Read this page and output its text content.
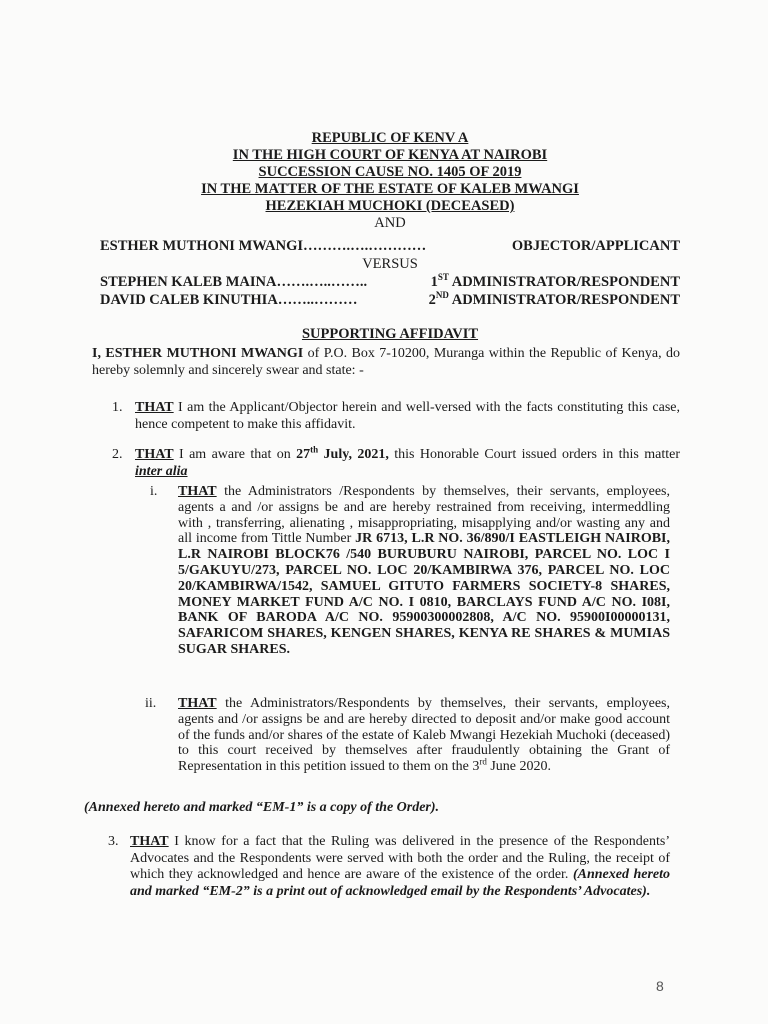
REPUBLIC OF KENV A
IN THE HIGH COURT OF KENYA AT NAIROBI
SUCCESSION CAUSE NO. 1405 OF 2019
IN THE MATTER OF THE ESTATE OF KALEB MWANGI
HEZEKIAH MUCHOKI (DECEASED)
AND
ESTHER MUTHONI MWANGI ……….….…………	OBJECTOR/APPLICANT
VERSUS
STEPHEN KALEB MAINA …….…..……..	1ST ADMINISTRATOR/RESPONDENT
DAVID CALEB KINUTHIA ……..………	2ND ADMINISTRATOR/RESPONDENT
SUPPORTING AFFIDAVIT
I, ESTHER MUTHONI MWANGI of P.O. Box 7-10200, Muranga within the Republic of Kenya, do hereby solemnly and sincerely swear and state: -
1. THAT I am the Applicant/Objector herein and well-versed with the facts constituting this case, hence competent to make this affidavit.
2. THAT I am aware that on 27th July, 2021, this Honorable Court issued orders in this matter inter alia
i. THAT the Administrators /Respondents by themselves, their servants, employees, agents a and /or assigns be and are hereby restrained from receiving, intermeddling with , transferring, alienating , misappropriating, misapplying and/or wasting any and all income from Tittle Number JR 6713, L.R NO. 36/890/I EASTLEIGH NAIROBI, L.R NAIROBI BLOCK76 /540 BURUBURU NAIROBI, PARCEL NO. LOC I 5/GAKUYU/273, PARCEL NO. LOC 20/KAMBIRWA 376, PARCEL NO. LOC 20/KAMBIRWA/1542, SAMUEL GITUTO FARMERS SOCIETY-8 SHARES, MONEY MARKET FUND A/C NO. I 0810, BARCLAYS FUND A/C NO. I08I, BANK OF BARODA A/C NO. 95900300002808, A/C NO. 95900I00000131, SAFARICOM SHARES, KENGEN SHARES, KENYA RE SHARES & MUMIAS SUGAR SHARES.
ii. THAT the Administrators/Respondents by themselves, their servants, employees, agents and /or assigns be and are hereby directed to deposit and/or make good account of the funds and/or shares of the estate of Kaleb Mwangi Hezekiah Muchoki (deceased) to this court received by themselves after fraudulently obtaining the Grant of Representation in this petition issued to them on the 3rd June 2020.
(Annexed hereto and marked “EM-1” is a copy of the Order).
3. THAT I know for a fact that the Ruling was delivered in the presence of the Respondents’ Advocates and the Respondents were served with both the order and the Ruling, the receipt of which they acknowledged and hence are aware of the existence of the order. (Annexed hereto and marked “EM-2” is a print out of acknowledged email by the Respondents’ Advocates).
8
